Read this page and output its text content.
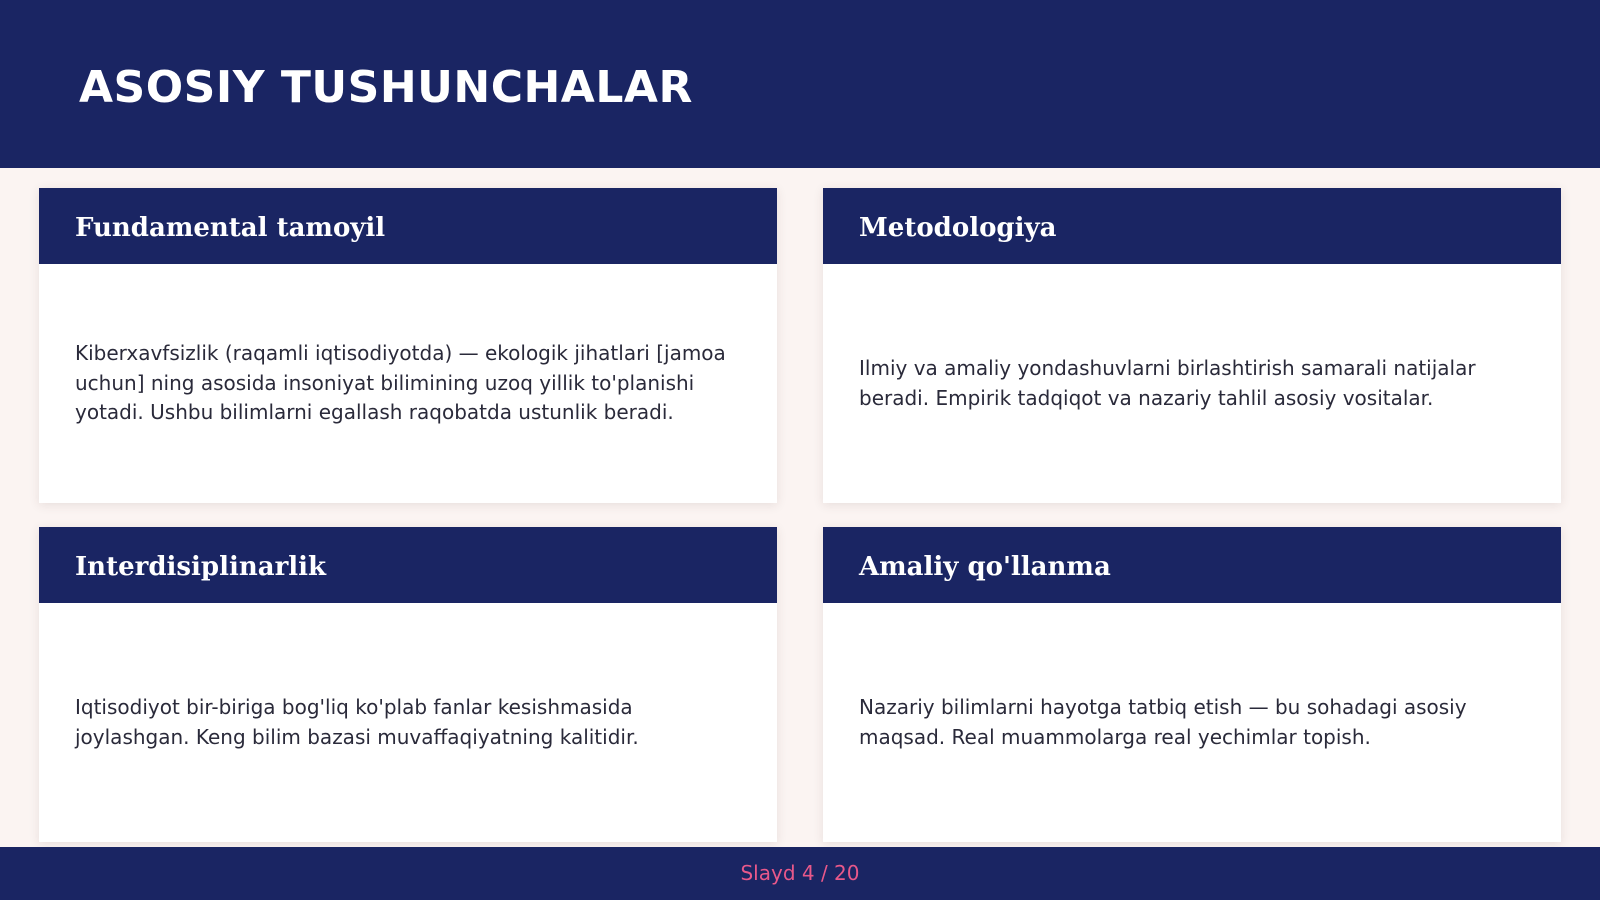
ASOSIY TUSHUNCHALAR
Fundamental tamoyil

Kiberxavfsizlik (raqamli iqtisodiyotda) — ekologik jihatlari [jamoa uchun] ning asosida insoniyat bilimining uzoq yillik to'planishi yotadi. Ushbu bilimlarni egallash raqobatda ustunlik beradi.

Metodologiya

Ilmiy va amaliy yondashuvlarni birlashtirish samarali natijalar beradi. Empirik tadqiqot va nazariy tahlil asosiy vositalar.

Interdisiplinarlik

Iqtisodiyot bir-biriga bog'liq ko'plab fanlar kesishmasida joylashgan. Keng bilim bazasi muvaffaqiyatning kalitidir.

Amaliy qo'llanma

Nazariy bilimlarni hayotga tatbiq etish — bu sohadagi asosiy maqsad. Real muammolarga real yechimlar topish.

Slayd 4 / 20
